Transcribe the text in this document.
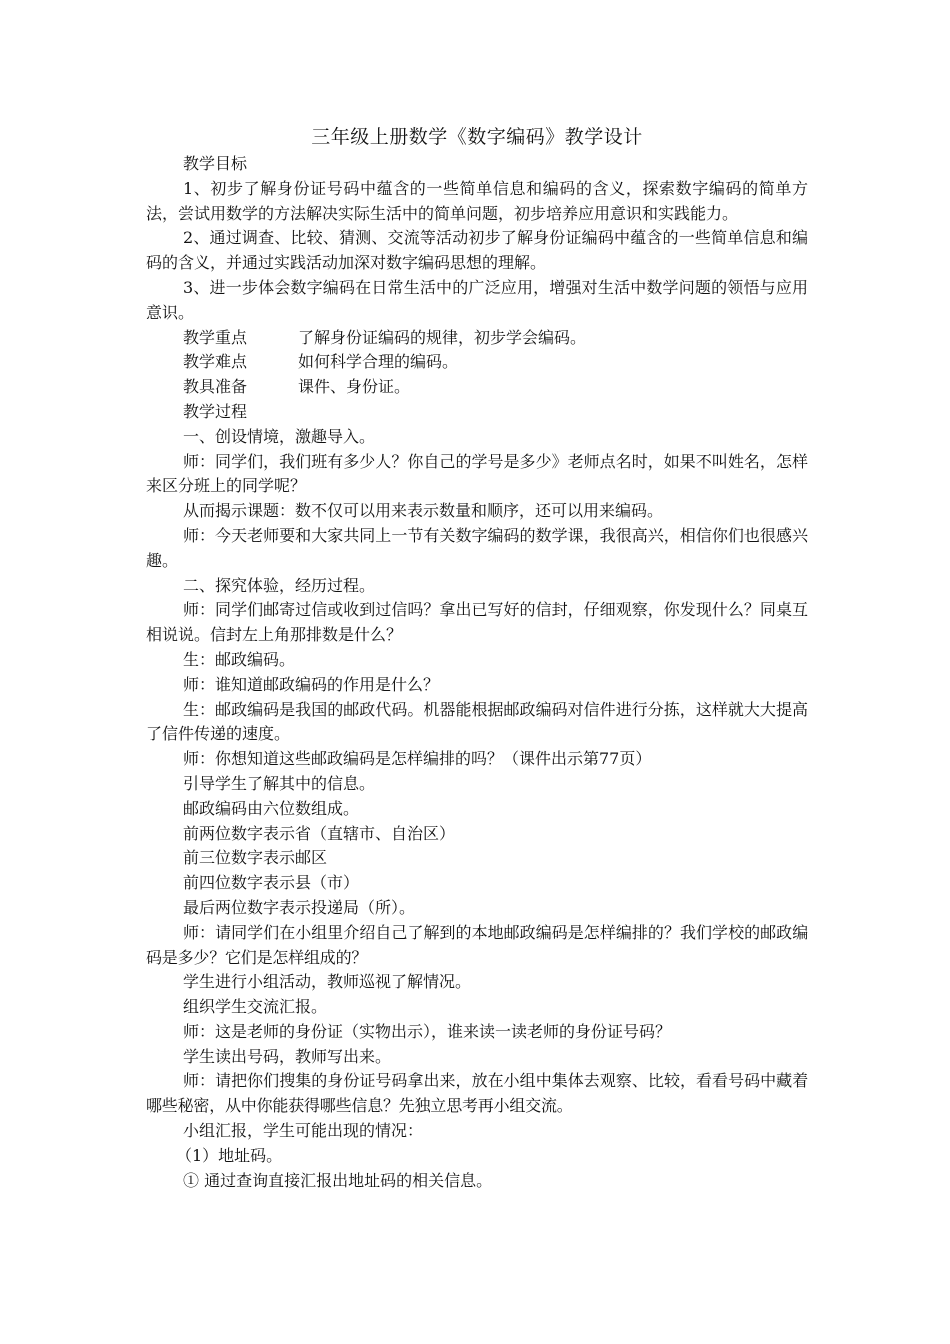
三年级上册数学《数字编码》教学设计

教学目标

1、初步了解身份证号码中蕴含的一些简单信息和编码的含义，探索数字编码的简单方法，尝试用数学的方法解决实际生活中的简单问题，初步培养应用意识和实践能力。

2、通过调查、比较、猜测、交流等活动初步了解身份证编码中蕴含的一些简单信息和编码的含义，并通过实践活动加深对数字编码思想的理解。

3、进一步体会数字编码在日常生活中的广泛应用，增强对生活中数学问题的领悟与应用意识。

教学重点	了解身份证编码的规律，初步学会编码。

教学难点	如何科学合理的编码。

教具准备	课件、身份证。

教学过程

一、创设情境，激趣导入。

师：同学们，我们班有多少人？你自己的学号是多少》老师点名时，如果不叫姓名，怎样来区分班上的同学呢？

从而揭示课题：数不仅可以用来表示数量和顺序，还可以用来编码。

师：今天老师要和大家共同上一节有关数字编码的数学课，我很高兴，相信你们也很感兴趣。

二、探究体验，经历过程。

师：同学们邮寄过信或收到过信吗？拿出已写好的信封，仔细观察，你发现什么？同桌互相说说。信封左上角那排数是什么？

生：邮政编码。

师：谁知道邮政编码的作用是什么？

生：邮政编码是我国的邮政代码。机器能根据邮政编码对信件进行分拣，这样就大大提高了信件传递的速度。

师：你想知道这些邮政编码是怎样编排的吗？（课件出示第77页）

引导学生了解其中的信息。

邮政编码由六位数组成。

前两位数字表示省（直辖市、自治区）

前三位数字表示邮区

前四位数字表示县（市）

最后两位数字表示投递局（所）。

师：请同学们在小组里介绍自己了解到的本地邮政编码是怎样编排的？我们学校的邮政编码是多少？它们是怎样组成的？

学生进行小组活动，教师巡视了解情况。

组织学生交流汇报。

师：这是老师的身份证（实物出示），谁来读一读老师的身份证号码？

学生读出号码，教师写出来。

师：请把你们搜集的身份证号码拿出来，放在小组中集体去观察、比较，看看号码中藏着哪些秘密，从中你能获得哪些信息？先独立思考再小组交流。

小组汇报，学生可能出现的情况：

（1）地址码。

① 通过查询直接汇报出地址码的相关信息。
